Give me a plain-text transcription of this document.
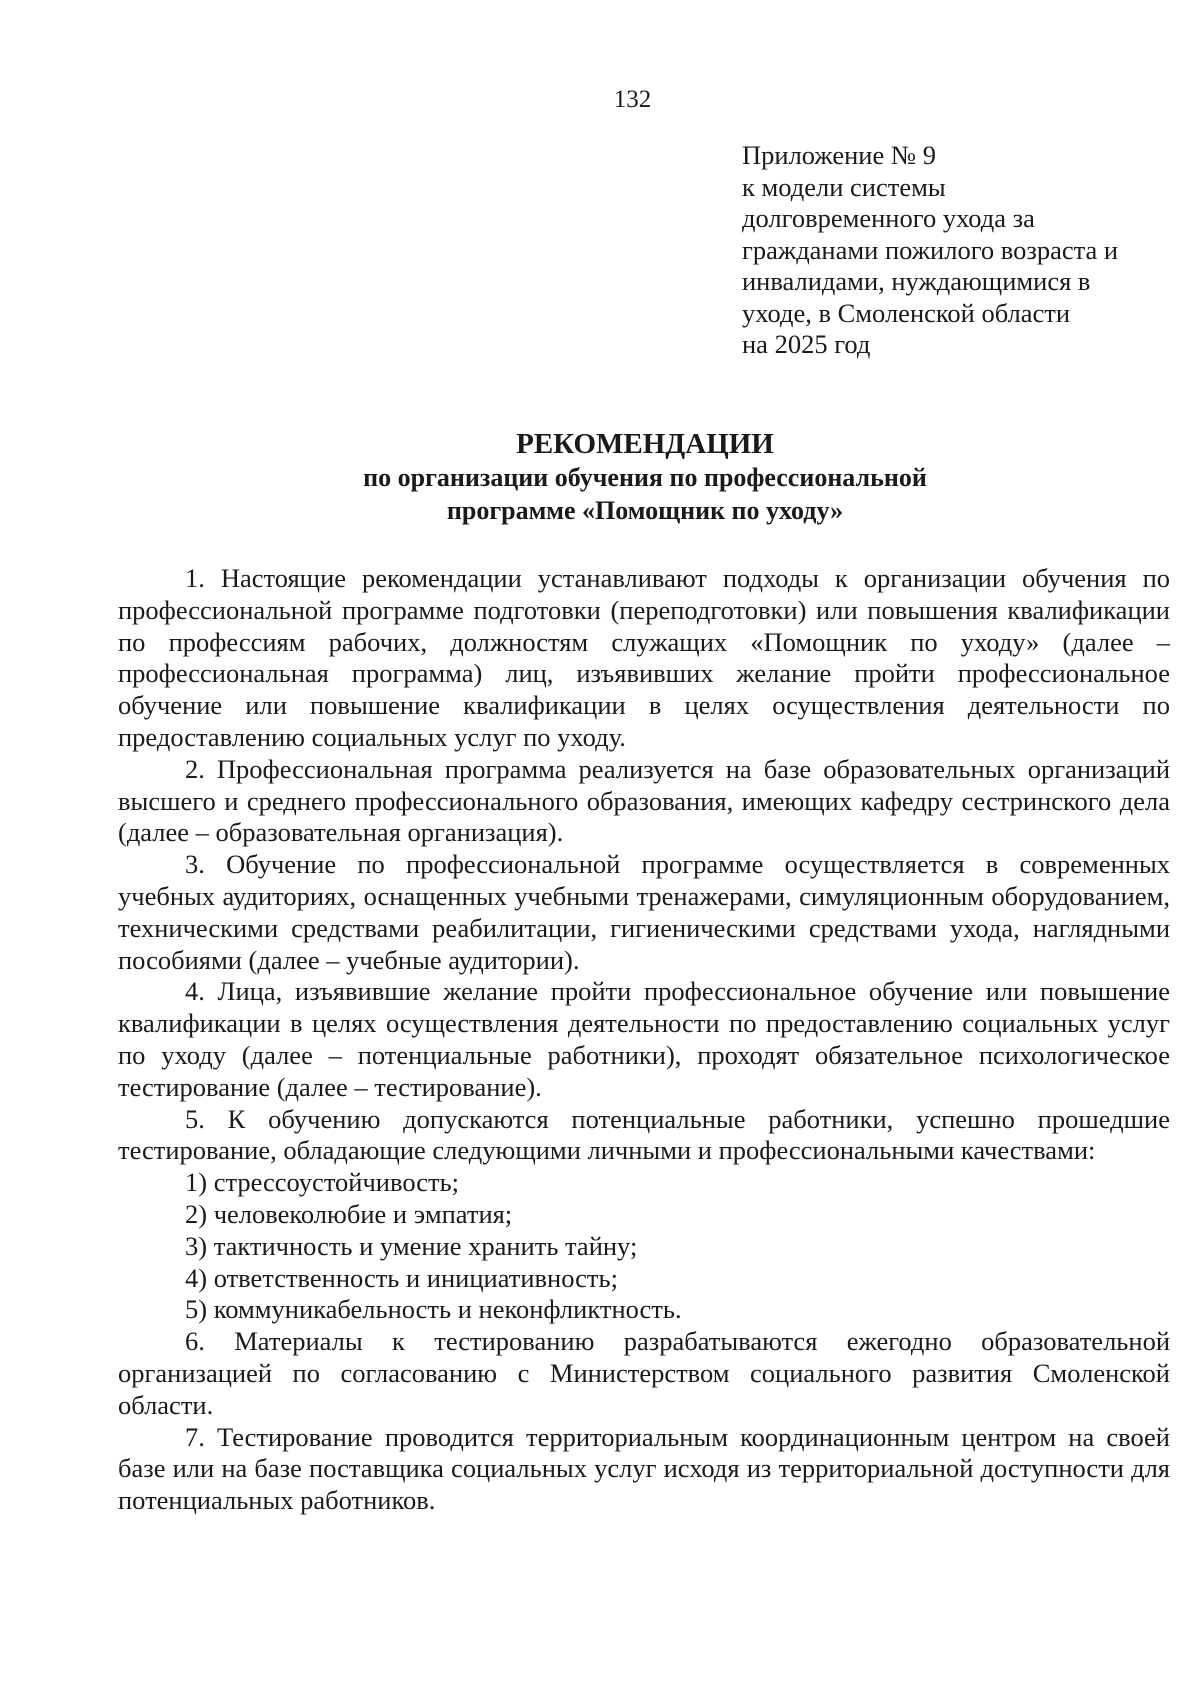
132
Приложение № 9
к модели системы
долговременного ухода за
гражданами пожилого возраста и
инвалидами, нуждающимися в
уходе, в Смоленской области
на 2025 год
РЕКОМЕНДАЦИИ
по организации обучения по профессиональной
программе «Помощник по уходу»

1. Настоящие рекомендации устанавливают подходы к организации обучения по профессиональной программе подготовки (переподготовки) или повышения квалификации по профессиям рабочих, должностям служащих «Помощник по уходу» (далее – профессиональная программа) лиц, изъявивших желание пройти профессиональное обучение или повышение квалификации в целях осуществления деятельности по предоставлению социальных услуг по уходу.

2. Профессиональная программа реализуется на базе образовательных организаций высшего и среднего профессионального образования, имеющих кафедру сестринского дела (далее – образовательная организация).

3. Обучение по профессиональной программе осуществляется в современных учебных аудиториях, оснащенных учебными тренажерами, симуляционным оборудованием, техническими средствами реабилитации, гигиеническими средствами ухода, наглядными пособиями (далее – учебные аудитории).

4. Лица, изъявившие желание пройти профессиональное обучение или повышение квалификации в целях осуществления деятельности по предоставлению социальных услуг по уходу (далее – потенциальные работники), проходят обязательное психологическое тестирование (далее – тестирование).

5. К обучению допускаются потенциальные работники, успешно прошедшие тестирование, обладающие следующими личными и профессиональными качествами:

1) стрессоустойчивость;

2) человеколюбие и эмпатия;

3) тактичность и умение хранить тайну;

4) ответственность и инициативность;

5) коммуникабельность и неконфликтность.

6. Материалы к тестированию разрабатываются ежегодно образовательной организацией по согласованию с Министерством социального развития Смоленской области.

7. Тестирование проводится территориальным координационным центром на своей базе или на базе поставщика социальных услуг исходя из территориальной доступности для потенциальных работников.
